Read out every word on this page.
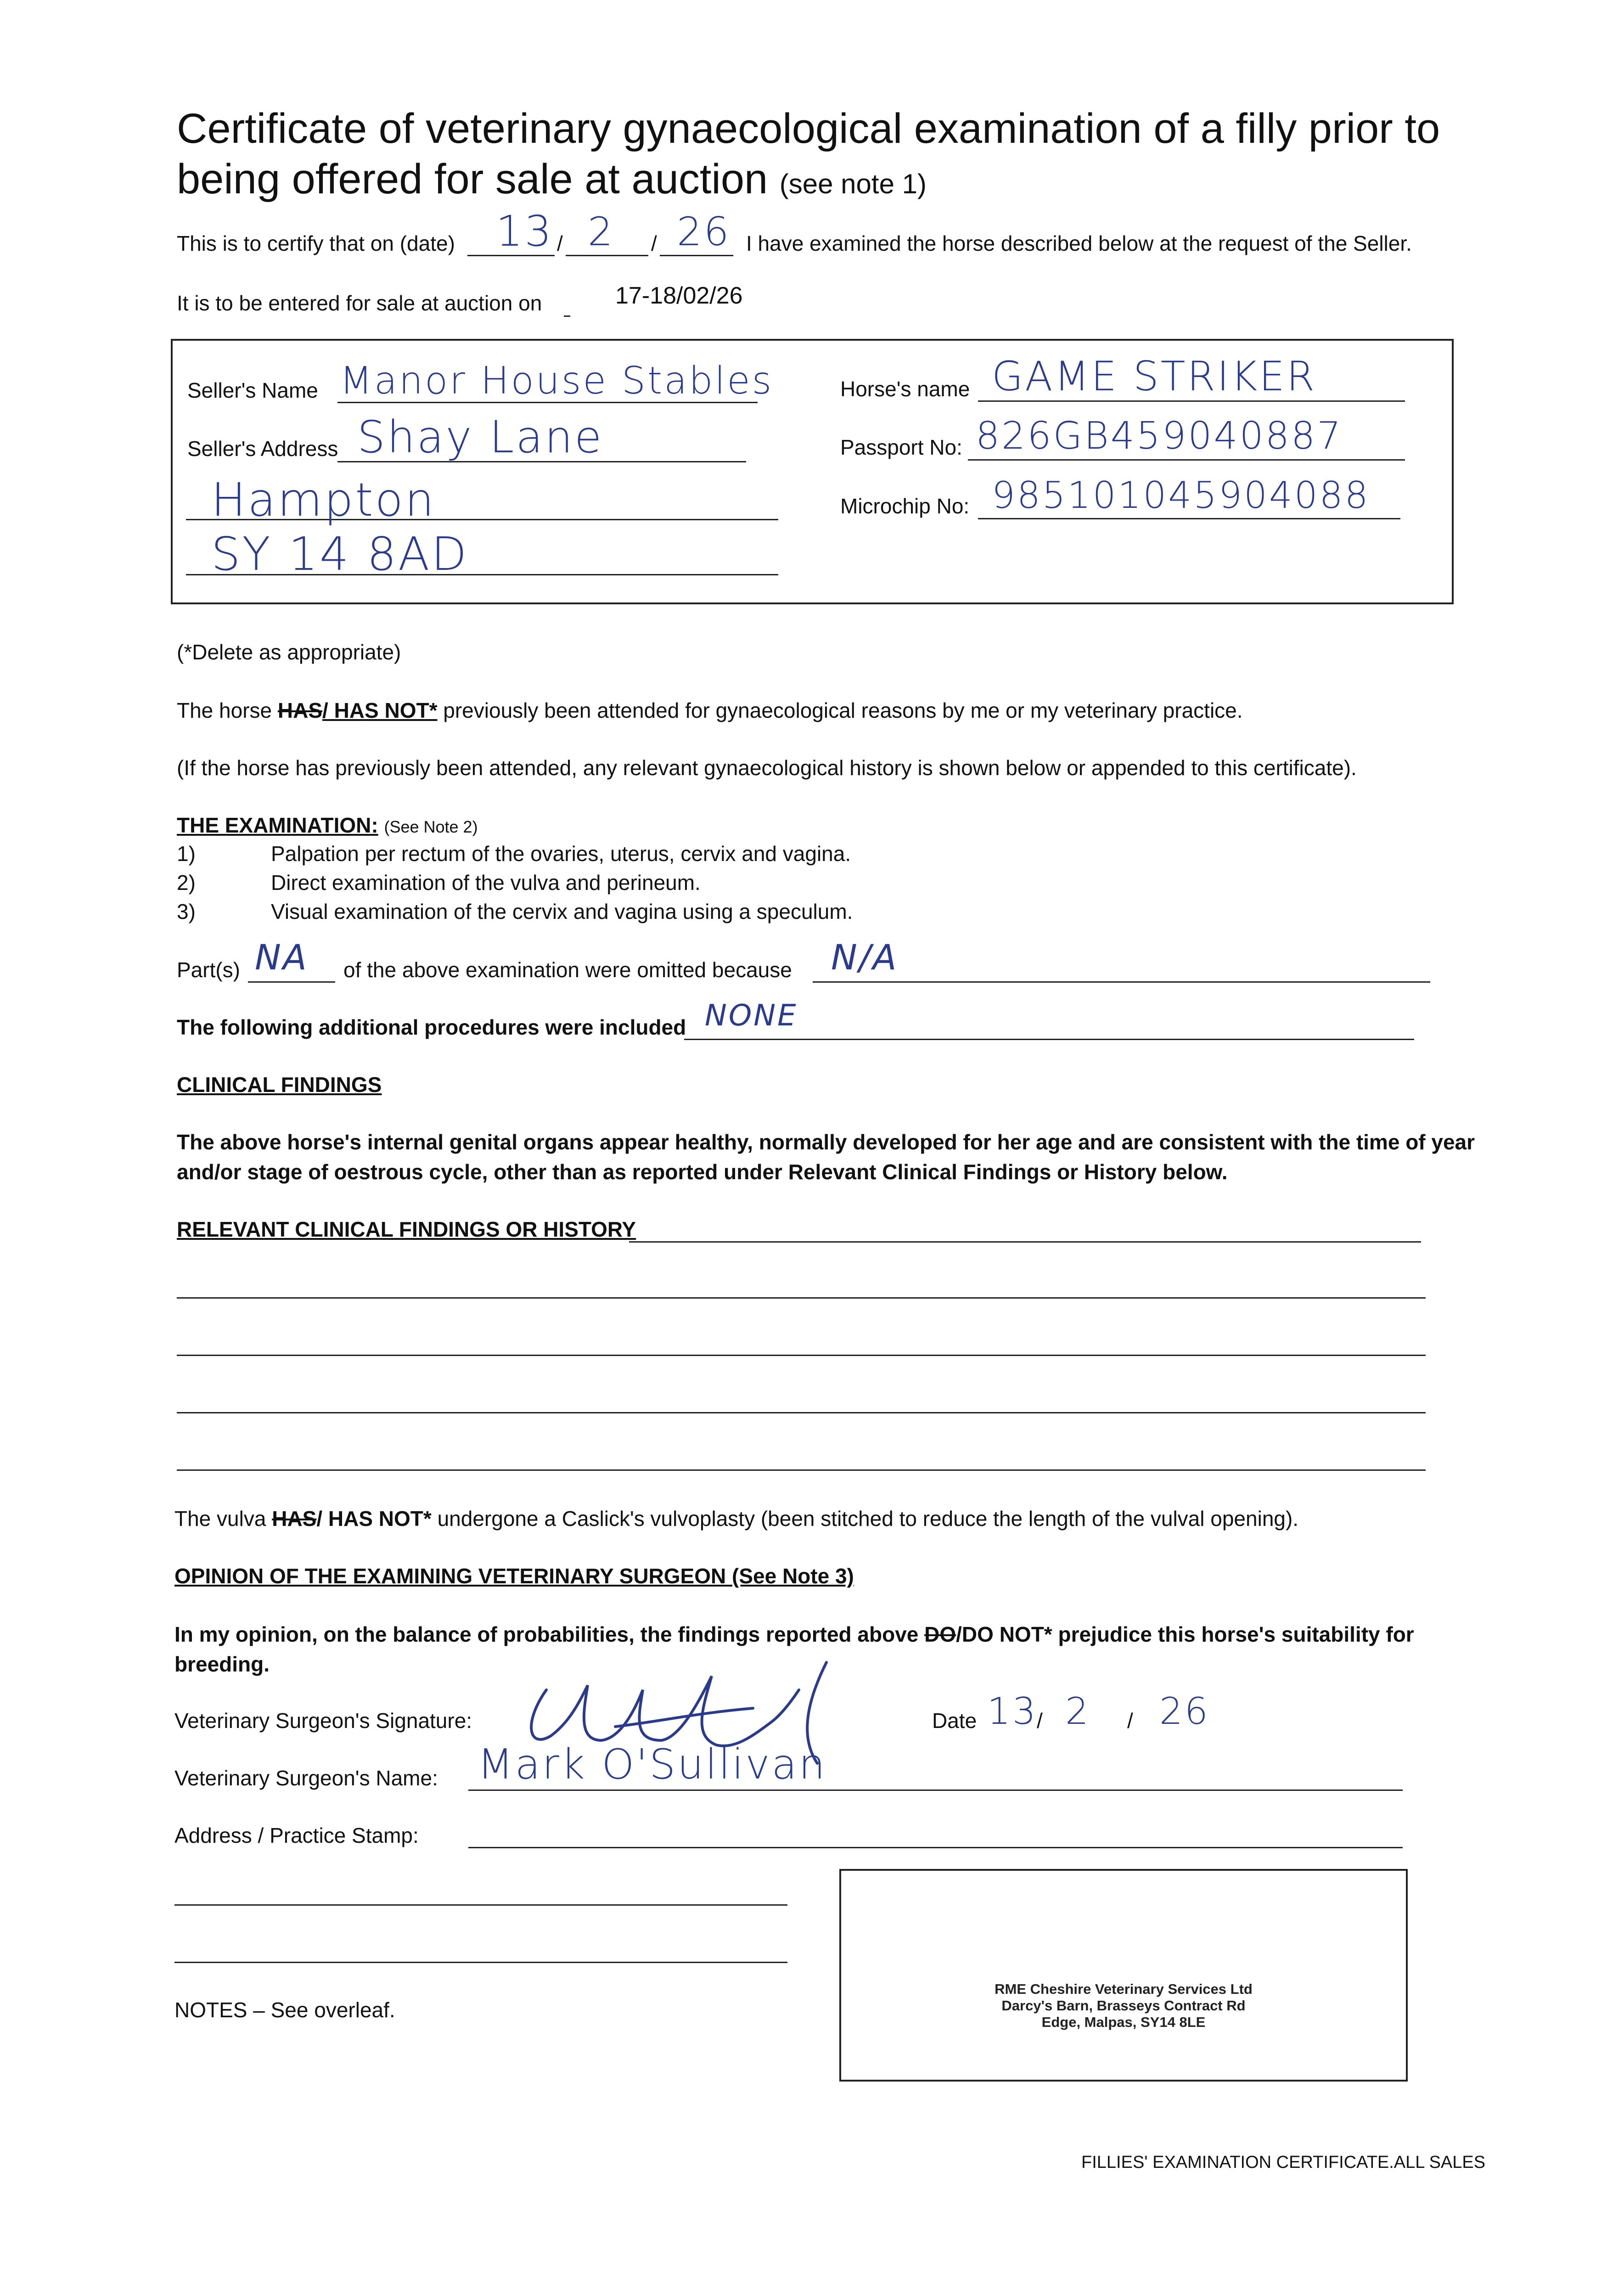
Certificate of veterinary gynaecological examination of a filly prior to
being offered for sale at auction (see note 1)
This is to certify that on (date) 13 / 2 / 26 I have examined the horse described below at the request of the Seller.
It is to be entered for sale at auction on	17-18/02/26
Seller's Name Manor House Stables
Seller's Address Shay Lane
Hampton
SY 14 8AD
Horse's name GAME STRIKER
Passport No: 826GB459040887
Microchip No: 985101045904088
(*Delete as appropriate)
The horse HAS/ HAS NOT* previously been attended for gynaecological reasons by me or my veterinary practice.
(If the horse has previously been attended, any relevant gynaecological history is shown below or appended to this certificate).
THE EXAMINATION: (See Note 2)
1)	Palpation per rectum of the ovaries, uterus, cervix and vagina.
2)	Direct examination of the vulva and perineum.
3)	Visual examination of the cervix and vagina using a speculum.
Part(s) NA of the above examination were omitted because N/A
The following additional procedures were included NONE
CLINICAL FINDINGS
The above horse's internal genital organs appear healthy, normally developed for her age and are consistent with the time of year
and/or stage of oestrous cycle, other than as reported under Relevant Clinical Findings or History below.
RELEVANT CLINICAL FINDINGS OR HISTORY
The vulva HAS/ HAS NOT* undergone a Caslick's vulvoplasty (been stitched to reduce the length of the vulval opening).
OPINION OF THE EXAMINING VETERINARY SURGEON (See Note 3)
In my opinion, on the balance of probabilities, the findings reported above DO/DO NOT* prejudice this horse's suitability for
breeding.
Veterinary Surgeon's Signature:	Date 13
/ 2 / 26
Veterinary Surgeon's Name: Mark O'Sullivan
Address / Practice Stamp:
RME Cheshire Veterinary Services Ltd
Darcy's Barn, Brasseys Contract Rd
Edge, Malpas, SY14 8LE
NOTES – See overleaf.
FILLIES' EXAMINATION CERTIFICATE.ALL SALES
